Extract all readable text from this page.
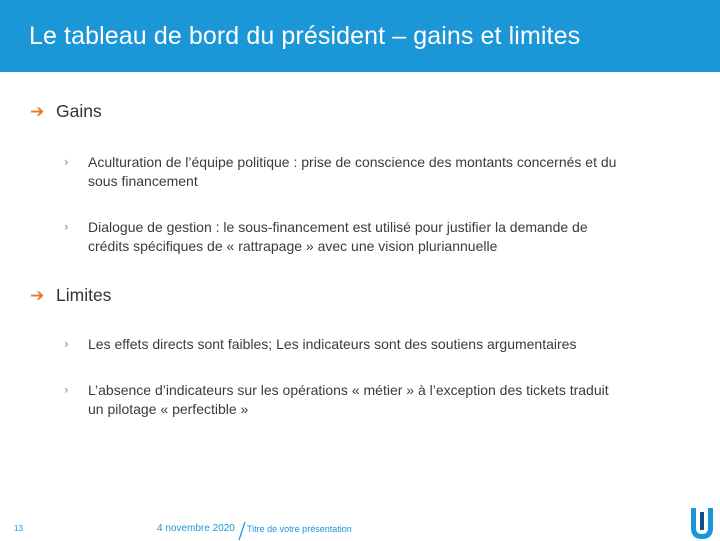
Le tableau de bord du président – gains et limites
➔ Gains
›	Aculturation de l’équipe politique : prise de conscience des montants concernés et du
sous financement
›	Dialogue de gestion : le sous-financement est utilisé pour justifier la demande de
crédits spécifiques de « rattrapage » avec une vision pluriannuelle
➔ Limites
›	Les effets directs sont faibles; Les indicateurs sont des soutiens argumentaires
›	L’absence d’indicateurs sur les opérations « métier » à l’exception des tickets traduit
un pilotage « perfectible »
13	4 novembre 2020 Titre de votre présentation
